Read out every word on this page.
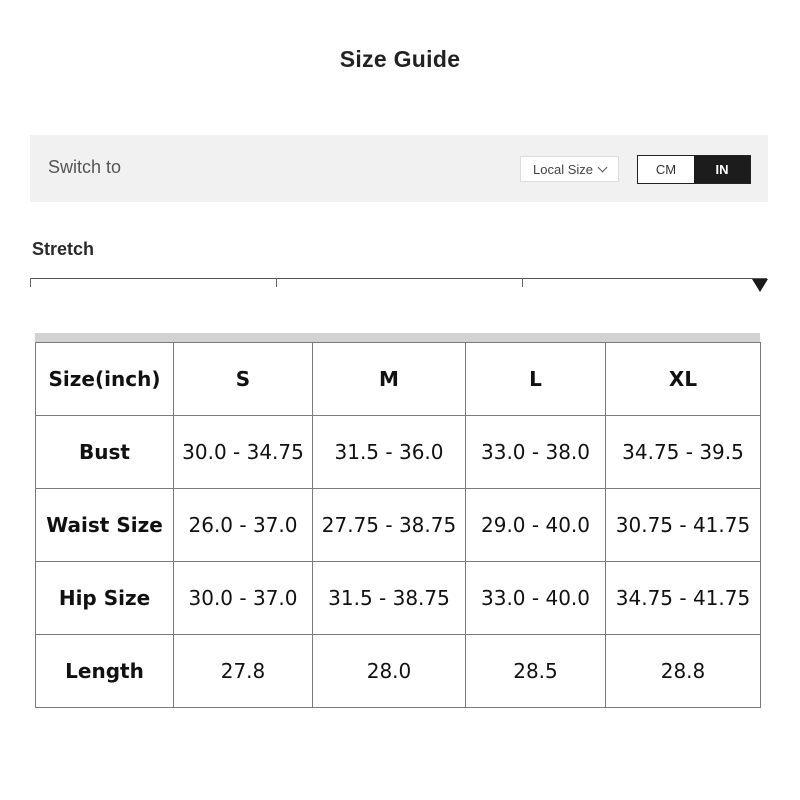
Size Guide
Switch to	Local Size	CM	IN
Stretch
Size(inch)	S	M	L	XL
Bust	30.0 - 34.75	31.5 - 36.0	33.0 - 38.0	34.75 - 39.5
Waist Size	26.0 - 37.0	27.75 - 38.75	29.0 - 40.0	30.75 - 41.75
Hip Size	30.0 - 37.0	31.5 - 38.75	33.0 - 40.0	34.75 - 41.75
Length	27.8	28.0	28.5	28.8
